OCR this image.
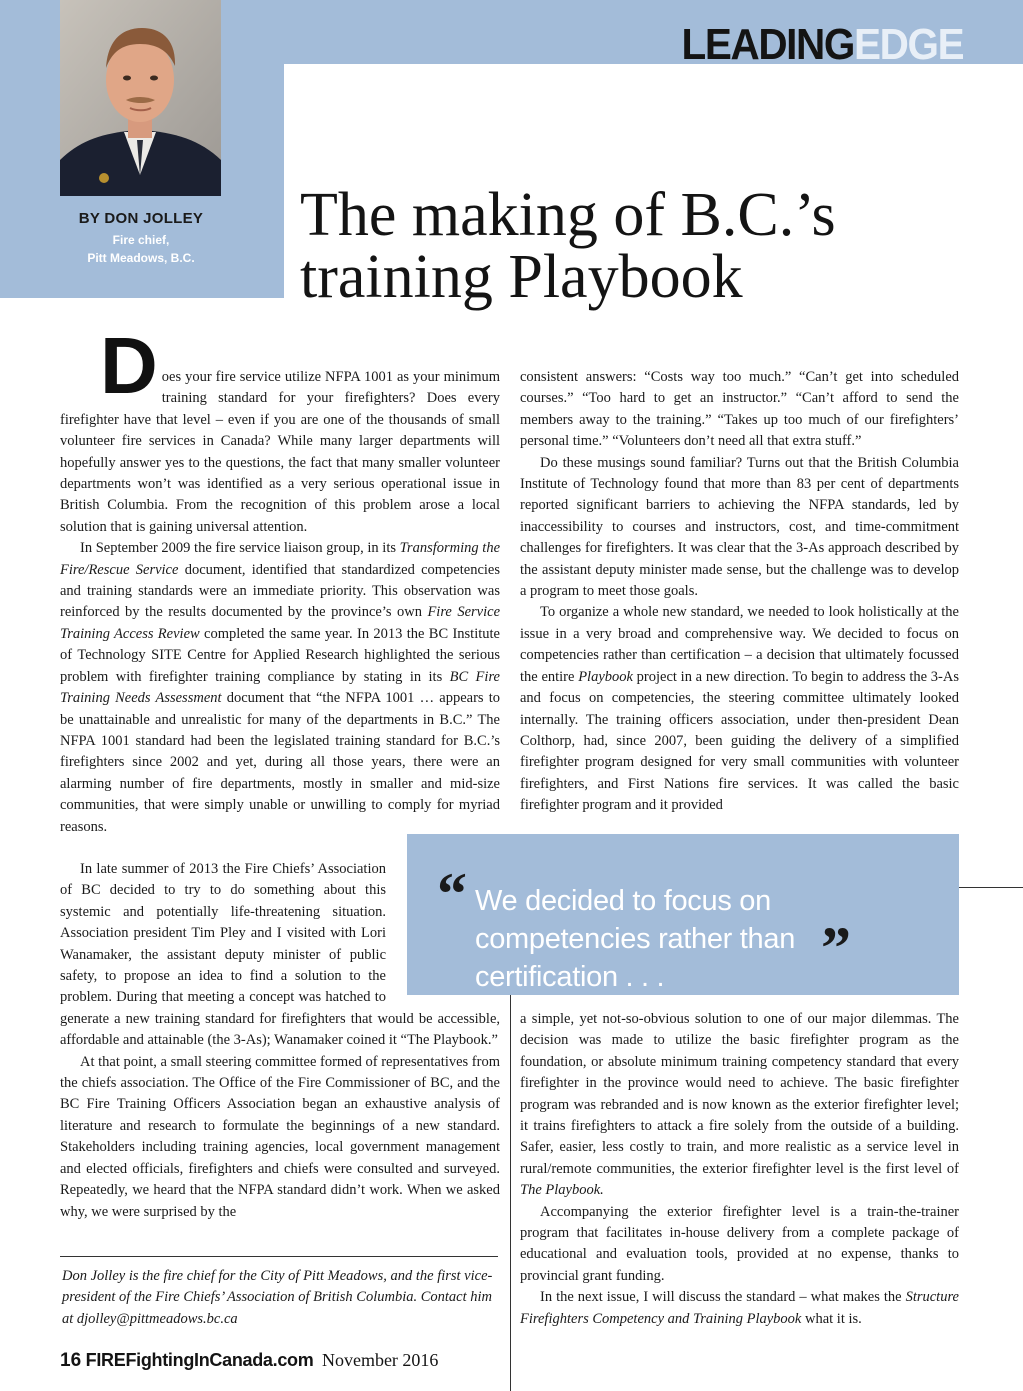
LEADINGEDGE
BY DON JOLLEY
Fire chief,
Pitt Meadows, B.C.
The making of B.C.’s
training Playbook

Does your fire service utilize NFPA 1001 as your minimum training standard for your firefighters? Does every firefighter have that level – even if you are one of the thousands of small volunteer fire services in Canada? While many larger departments will hopefully answer yes to the questions, the fact that many smaller volunteer departments won’t was identified as a very serious operational issue in British Columbia. From the recognition of this problem arose a local solution that is gaining universal attention.

In September 2009 the fire service liaison group, in its Transforming the Fire/Rescue Service document, identified that standardized competencies and training standards were an immediate priority. This observation was reinforced by the results documented by the province’s own Fire Service Training Access Review completed the same year. In 2013 the BC Institute of Technology SITE Centre for Applied Research highlighted the serious problem with firefighter training compliance by stating in its BC Fire Training Needs Assessment document that “the NFPA 1001 … appears to be unattainable and unrealistic for many of the departments in B.C.” The NFPA 1001 standard had been the legislated training standard for B.C.’s firefighters since 2002 and yet, during all those years, there were an alarming number of fire departments, mostly in smaller and mid-size communities, that were simply unable or unwilling to comply for myriad reasons.

In late summer of 2013 the Fire Chiefs’ Association of BC decided to try to do something about this systemic and potentially life-threatening situation. Association president Tim Pley and I visited with Lori Wanamaker, the assistant deputy minister of public safety, to propose an idea to find a solution to the problem. During that meeting a concept was hatched to generate a new training standard for firefighters that would be accessible, affordable and attainable (the 3-As); Wanamaker coined it “The Playbook.”

At that point, a small steering committee formed of representatives from the chiefs association. The Office of the Fire Commissioner of BC, and the BC Fire Training Officers Association began an exhaustive analysis of literature and research to formulate the beginnings of a new standard. Stakeholders including training agencies, local government management and elected officials, firefighters and chiefs were consulted and surveyed. Repeatedly, we heard that the NFPA standard didn’t work. When we asked why, we were surprised by the

Don Jolley is the fire chief for the City of Pitt Meadows, and the first vice-president of the Fire Chiefs’ Association of British Columbia. Contact him at djolley@pittmeadows.bc.ca

consistent answers: “Costs way too much.” “Can’t get into scheduled courses.” “Too hard to get an instructor.” “Can’t afford to send the members away to the training.” “Takes up too much of our firefighters’ personal time.” “Volunteers don’t need all that extra stuff.”

Do these musings sound familiar? Turns out that the British Columbia Institute of Technology found that more than 83 per cent of departments reported significant barriers to achieving the NFPA standards, led by inaccessibility to courses and instructors, cost, and time-commitment challenges for firefighters. It was clear that the 3-As approach described by the assistant deputy minister made sense, but the challenge was to develop a program to meet those goals.

To organize a whole new standard, we needed to look holistically at the issue in a very broad and comprehensive way. We decided to focus on competencies rather than certification – a decision that ultimately focussed the entire Playbook project in a new direction. To begin to address the 3-As and focus on competencies, the steering committee ultimately looked internally. The training officers association, under then-president Dean Colthorp, had, since 2007, been guiding the delivery of a simplified firefighter program designed for very small communities with volunteer firefighters, and First Nations fire services. It was called the basic firefighter program and it provided

“ We decided to focus on competencies rather than certification . . .	”

a simple, yet not-so-obvious solution to one of our major dilemmas. The decision was made to utilize the basic firefighter program as the foundation, or absolute minimum training competency standard that every firefighter in the province would need to achieve. The basic firefighter program was rebranded and is now known as the exterior firefighter level; it trains firefighters to attack a fire solely from the outside of a building. Safer, easier, less costly to train, and more realistic as a service level in rural/remote communities, the exterior firefighter level is the first level of The Playbook.

Accompanying the exterior firefighter level is a train-the-trainer program that facilitates in-house delivery from a complete package of educational and evaluation tools, provided at no expense, thanks to provincial grant funding.

In the next issue, I will discuss the standard – what makes the Structure Firefighters Competency and Training Playbook what it is.

16 FIREFightingInCanada.com November 2016
